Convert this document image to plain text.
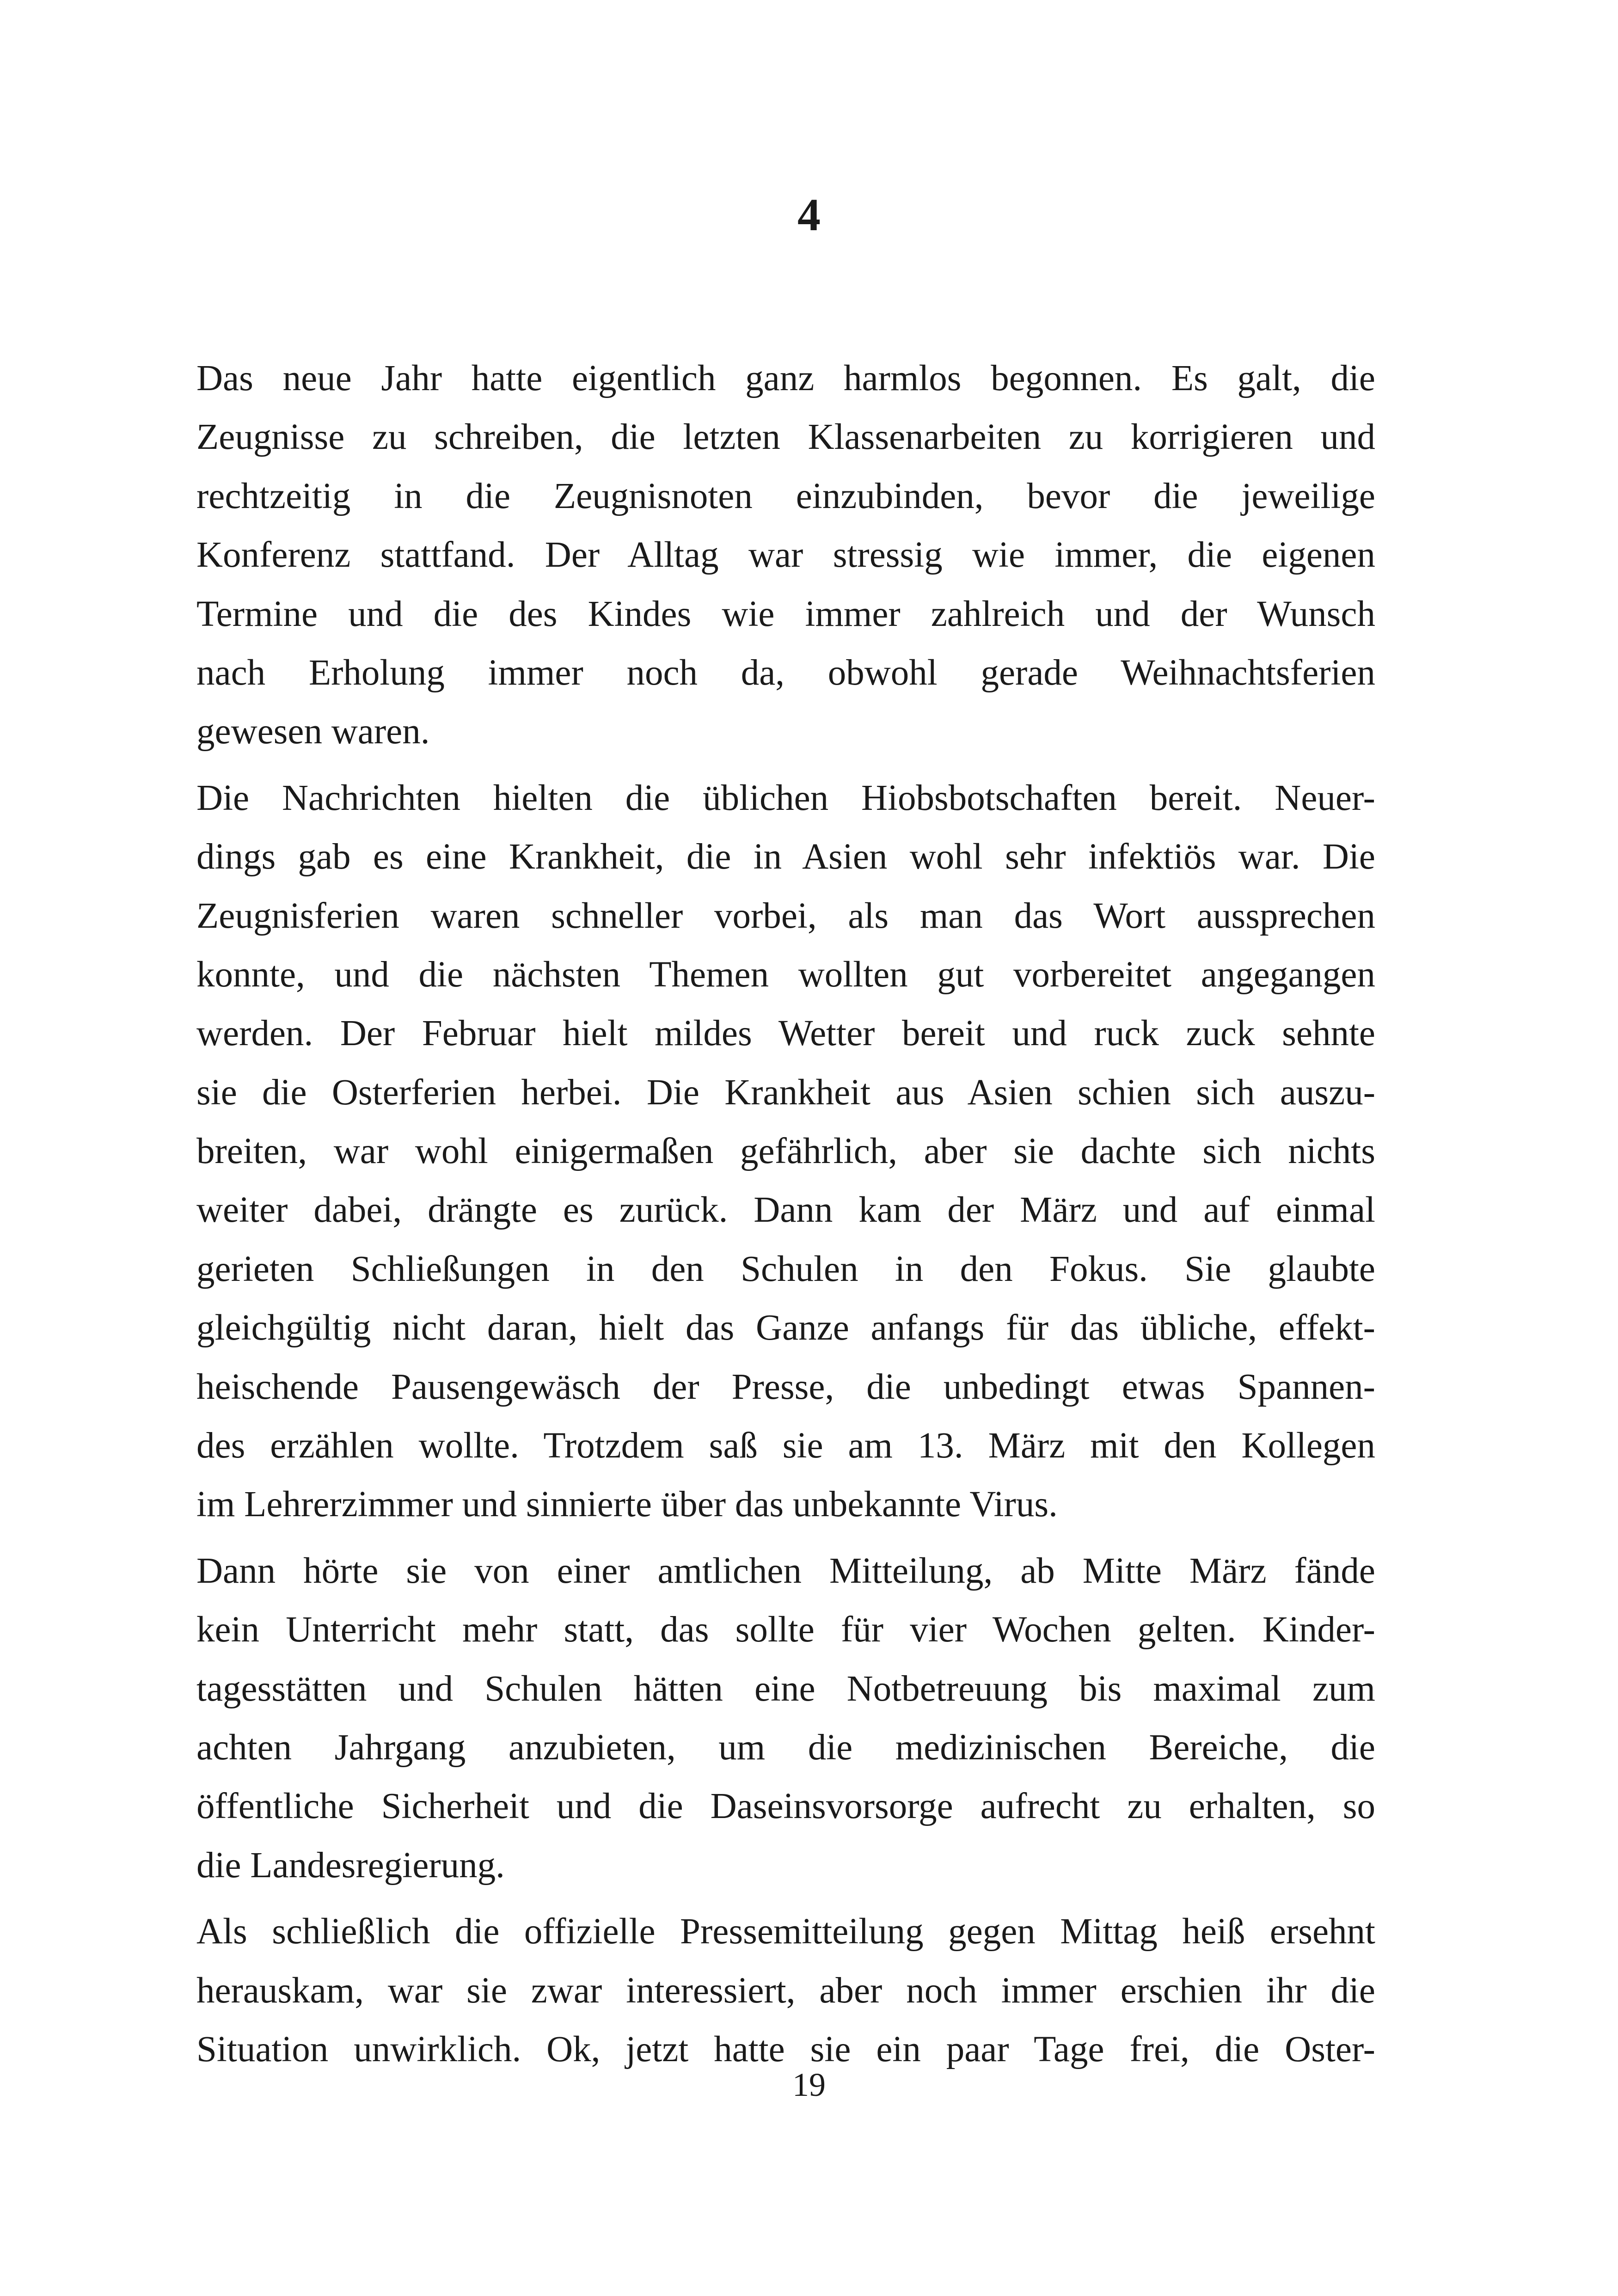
4
Das neue Jahr hatte eigentlich ganz harmlos begonnen. Es galt, die
Zeugnisse zu schreiben, die letzten Klassenarbeiten zu korrigieren und
rechtzeitig in die Zeugnisnoten einzubinden, bevor die jeweilige
Konferenz stattfand. Der Alltag war stressig wie immer, die eigenen
Termine und die des Kindes wie immer zahlreich und der Wunsch
nach Erholung immer noch da, obwohl gerade Weihnachtsferien
gewesen waren.
Die Nachrichten hielten die üblichen Hiobsbotschaften bereit. Neuer-
dings gab es eine Krankheit, die in Asien wohl sehr infektiös war. Die
Zeugnisferien waren schneller vorbei, als man das Wort aussprechen
konnte, und die nächsten Themen wollten gut vorbereitet angegangen
werden. Der Februar hielt mildes Wetter bereit und ruck zuck sehnte
sie die Osterferien herbei. Die Krankheit aus Asien schien sich auszu-
breiten, war wohl einigermaßen gefährlich, aber sie dachte sich nichts
weiter dabei, drängte es zurück. Dann kam der März und auf einmal
gerieten Schließungen in den Schulen in den Fokus. Sie glaubte
gleichgültig nicht daran, hielt das Ganze anfangs für das übliche, effekt-
heischende Pausengewäsch der Presse, die unbedingt etwas Spannen-
des erzählen wollte. Trotzdem saß sie am 13. März mit den Kollegen
im Lehrerzimmer und sinnierte über das unbekannte Virus.
Dann hörte sie von einer amtlichen Mitteilung, ab Mitte März fände
kein Unterricht mehr statt, das sollte für vier Wochen gelten. Kinder-
tagesstätten und Schulen hätten eine Notbetreuung bis maximal zum
achten Jahrgang anzubieten, um die medizinischen Bereiche, die
öffentliche Sicherheit und die Daseinsvorsorge aufrecht zu erhalten, so
die Landesregierung.
Als schließlich die offizielle Pressemitteilung gegen Mittag heiß ersehnt
herauskam, war sie zwar interessiert, aber noch immer erschien ihr die
Situation unwirklich. Ok, jetzt hatte sie ein paar Tage frei, die Oster-
19
